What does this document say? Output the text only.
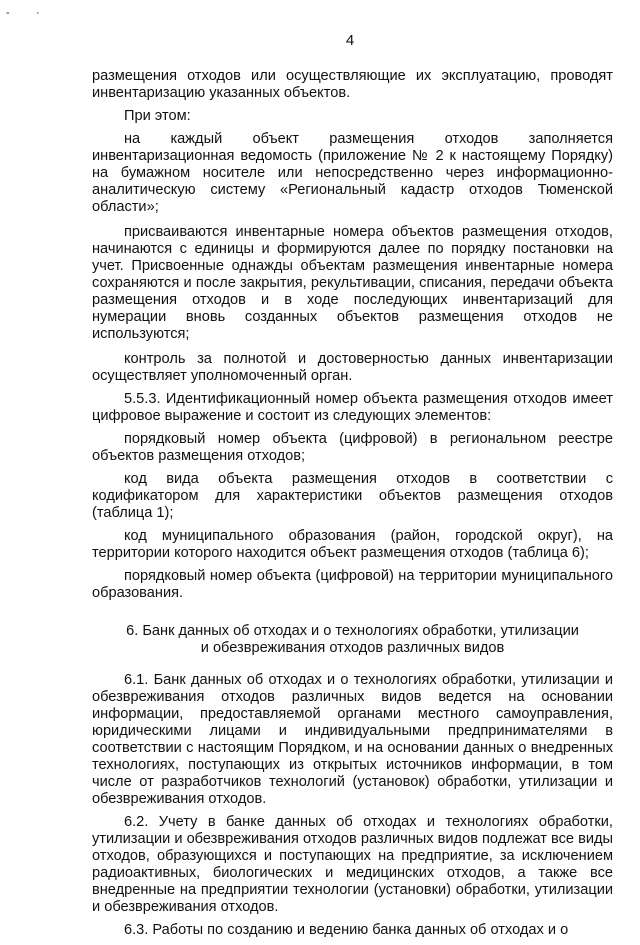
- ·
4

размещения отходов или осуществляющие их эксплуатацию, проводят инвентаризацию указанных объектов.

При этом:

на каждый объект размещения отходов заполняется инвентаризационная ведомость (приложение № 2 к настоящему Порядку) на бумажном носителе или непосредственно через информационно-аналитическую систему «Региональный кадастр отходов Тюменской области»;

присваиваются инвентарные номера объектов размещения отходов, начинаются с единицы и формируются далее по порядку постановки на учет. Присвоенные однажды объектам размещения инвентарные номера сохраняются и после закрытия, рекультивации, списания, передачи объекта размещения отходов и в ходе последующих инвентаризаций для нумерации вновь созданных объектов размещения отходов не используются;

контроль за полнотой и достоверностью данных инвентаризации осуществляет уполномоченный орган.

5.5.3. Идентификационный номер объекта размещения отходов имеет цифровое выражение и состоит из следующих элементов:

порядковый номер объекта (цифровой) в региональном реестре объектов размещения отходов;

код вида объекта размещения отходов в соответствии с кодификатором для характеристики объектов размещения отходов (таблица 1);

код муниципального образования (район, городской округ), на территории которого находится объект размещения отходов (таблица 6);

порядковый номер объекта (цифровой) на территории муниципального образования.

6. Банк данных об отходах и о технологиях обработки, утилизации
и обезвреживания отходов различных видов

6.1. Банк данных об отходах и о технологиях обработки, утилизации и обезвреживания отходов различных видов ведется на основании информации, предоставляемой органами местного самоуправления, юридическими лицами и индивидуальными предпринимателями в соответствии с настоящим Порядком, и на основании данных о внедренных технологиях, поступающих из открытых источников информации, в том числе от разработчиков технологий (установок) обработки, утилизации и обезвреживания отходов.

6.2. Учету в банке данных об отходах и технологиях обработки, утилизации и обезвреживания отходов различных видов подлежат все виды отходов, образующихся и поступающих на предприятие, за исключением радиоактивных, биологических и медицинских отходов, а также все внедренные на предприятии технологии (установки) обработки, утилизации и обезвреживания отходов.

6.3. Работы по созданию и ведению банка данных об отходах и о
